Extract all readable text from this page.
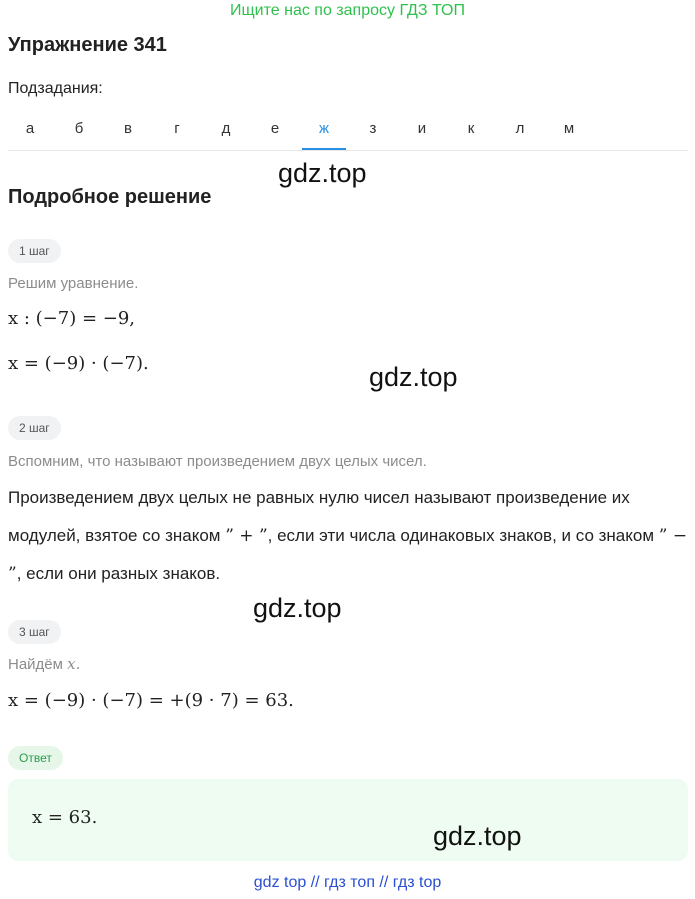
Ищите нас по запросу ГДЗ ТОП
Упражнение 341
Подзадания:
а	б	в	г	д	е	ж	з	и	к	л	м
gdz.top
Подробное решение
1 шаг
Решим уравнение.
x : (−7) = −9,
x = (−9) · (−7).	gdz.top
2 шаг
Вспомним, что называют произведением двух целых чисел.
Произведением двух целых не равных нулю чисел называют произведение их модулей, взятое со знаком ” + ”, если эти числа одинаковых знаков, и со знаком ” − ”, если они разных знаков.
gdz.top
3 шаг
Найдём x.
x = (−9) · (−7) = +(9 · 7) = 63.
Ответ
x = 63.
gdz.top
gdz top // гдз топ // гдз top
